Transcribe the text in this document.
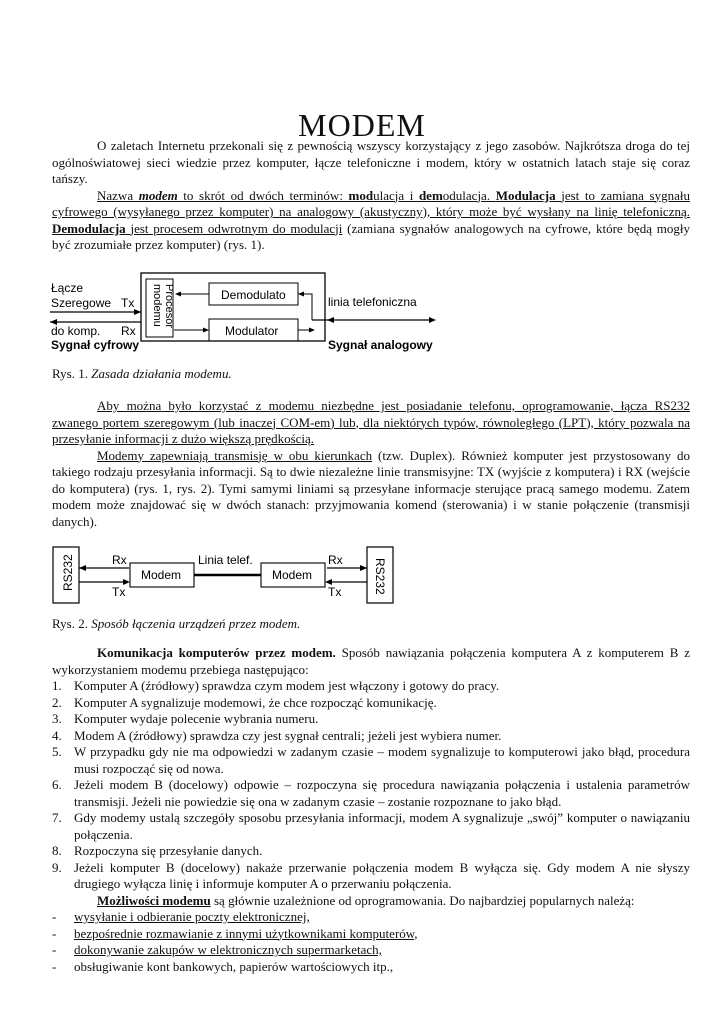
MODEM

O zaletach Internetu przekonali się z pewnością wszyscy korzystający z jego zasobów. Najkrótsza droga do tej ogólnoświatowej sieci wiedzie przez komputer, łącze telefoniczne i modem, który w ostatnich latach staje się coraz tańszy.

Nazwa modem to skrót od dwóch terminów: modulacja i demodulacja. Modulacja jest to zamiana sygnału cyfrowego (wysyłanego przez komputer) na analogowy (akustyczny), który może być wysłany na linię telefoniczną. Demodulacja jest procesem odwrotnym do modulacji (zamiana sygnałów analogowych na cyfrowe, które będą mogły być zrozumiałe przez komputer) (rys. 1).

Łącze
Szeregowe Tx
do komp. Rx
Sygnał cyfrowy
Procesormodemu	Demodulato
Modulator
linia telefoniczna
Sygnał analogowy
Rys. 1. Zasada działania modemu.

Aby można było korzystać z modemu niezbędne jest posiadanie telefonu, oprogramowanie, łącza RS232 zwanego portem szeregowym (lub inaczej COM-em) lub, dla niektórych typów, równoległego (LPT), który pozwala na przesyłanie informacji z dużo większą prędkością.

Modemy zapewniają transmisję w obu kierunkach (tzw. Duplex). Również komputer jest przystosowany do takiego rodzaju przesyłania informacji. Są to dwie niezależne linie transmisyjne: TX (wyjście z komputera) i RX (wejście do komputera) (rys. 1, rys. 2). Tymi samymi liniami są przesyłane informacje sterujące pracą samego modemu. Zatem modem może znajdować się w dwóch stanach: przyjmowania komend (sterowania) i w stanie połączenie (transmisji danych).

RS232	Rx
Tx
Modem
Linia telef.
Modem
Rx
Tx	RS232
Rys. 2. Sposób łączenia urządzeń przez modem.

Komunikacja komputerów przez modem. Sposób nawiązania połączenia komputera A z komputerem B z wykorzystaniem modemu przebiega następująco:

1. Komputer A (źródłowy) sprawdza czym modem jest włączony i gotowy do pracy.
2. Komputer A sygnalizuje modemowi, że chce rozpocząć komunikację.
3. Komputer wydaje polecenie wybrania numeru.
4. Modem A (źródłowy) sprawdza czy jest sygnał centrali; jeżeli jest wybiera numer.
5. W przypadku gdy nie ma odpowiedzi w zadanym czasie – modem sygnalizuje to komputerowi jako błąd, procedura musi rozpocząć się od nowa.
6. Jeżeli modem B (docelowy) odpowie – rozpoczyna się procedura nawiązania połączenia i ustalenia parametrów transmisji. Jeżeli nie powiedzie się ona w zadanym czasie – zostanie rozpoznane to jako błąd.
7. Gdy modemy ustalą szczegóły sposobu przesyłania informacji, modem A sygnalizuje „swój” komputer o nawiązaniu połączenia.
8. Rozpoczyna się przesyłanie danych.
9. Jeżeli komputer B (docelowy) nakaże przerwanie połączenia modem B wyłącza się. Gdy modem A nie słyszy drugiego wyłącza linię i informuje komputer A o przerwaniu połączenia.

Możliwości modemu są głównie uzależnione od oprogramowania. Do najbardziej popularnych należą:

- wysyłanie i odbieranie poczty elektronicznej,
- bezpośrednie rozmawianie z innymi użytkownikami komputerów,
- dokonywanie zakupów w elektronicznych supermarketach,
- obsługiwanie kont bankowych, papierów wartościowych itp.,
